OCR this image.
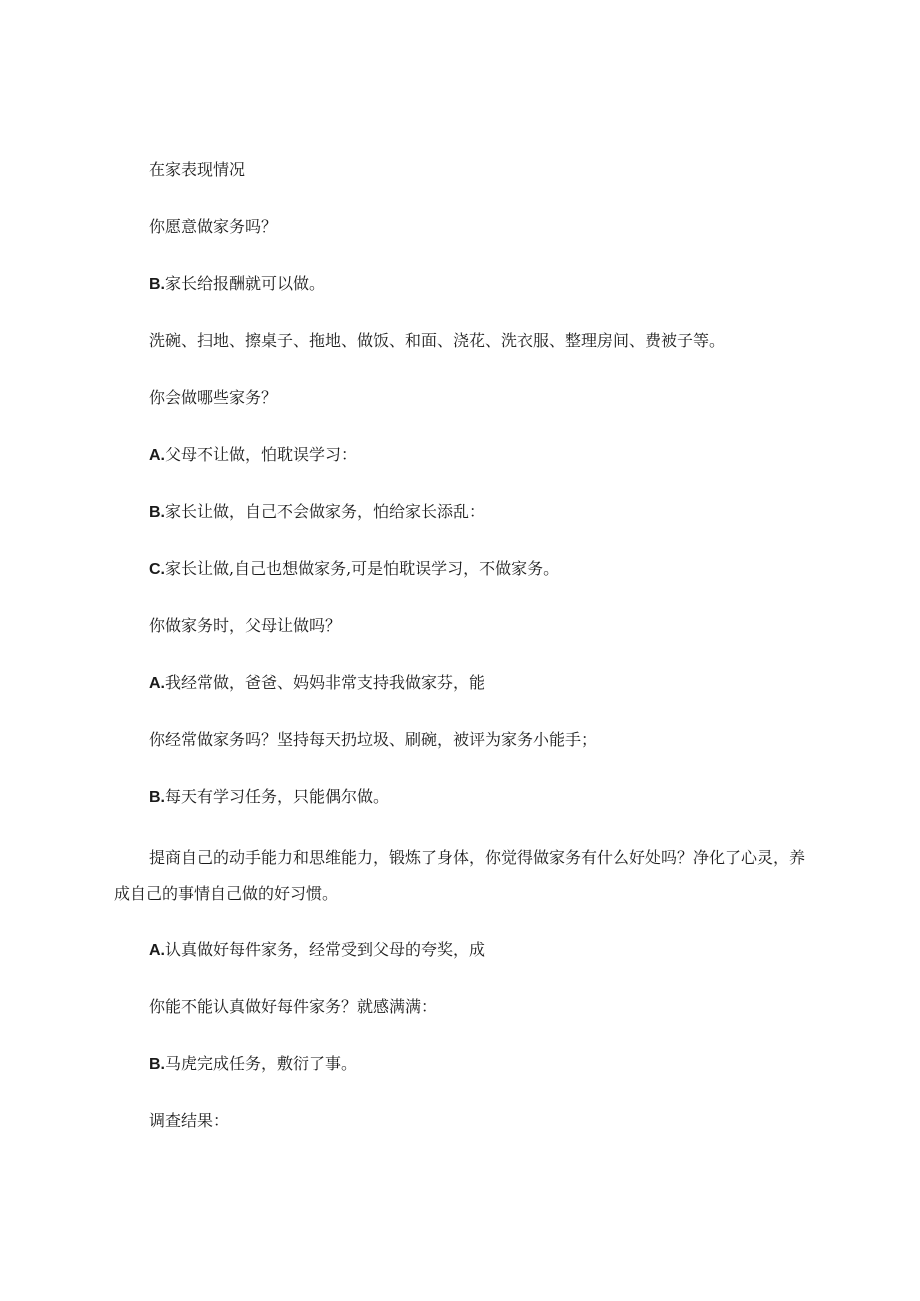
在家表现情况
你愿意做家务吗？
B.家长给报酬就可以做。
洗碗、扫地、擦桌子、拖地、做饭、和面、浇花、洗衣服、整理房间、费被子等。
你会做哪些家务？
A.父母不让做，怕耽误学习：
B.家长让做，自己不会做家务，怕给家长添乱：
C.家长让做,自己也想做家务,可是怕耽误学习，不做家务。
你做家务时，父母让做吗？
A.我经常做，爸爸、妈妈非常支持我做家芬，能
你经常做家务吗？坚持每天扔垃圾、刷碗，被评为家务小能手；
B.每天有学习任务，只能偶尔做。
提商自己的动手能力和思维能力，锻炼了身体，你觉得做家务有什么好处吗？净化了心灵，养成自己的事情自己做的好习惯。
A.认真做好每件家务，经常受到父母的夸奖，成
你能不能认真做好每件家务？就感满满：
B.马虎完成任务，敷衍了事。
调查结果：
